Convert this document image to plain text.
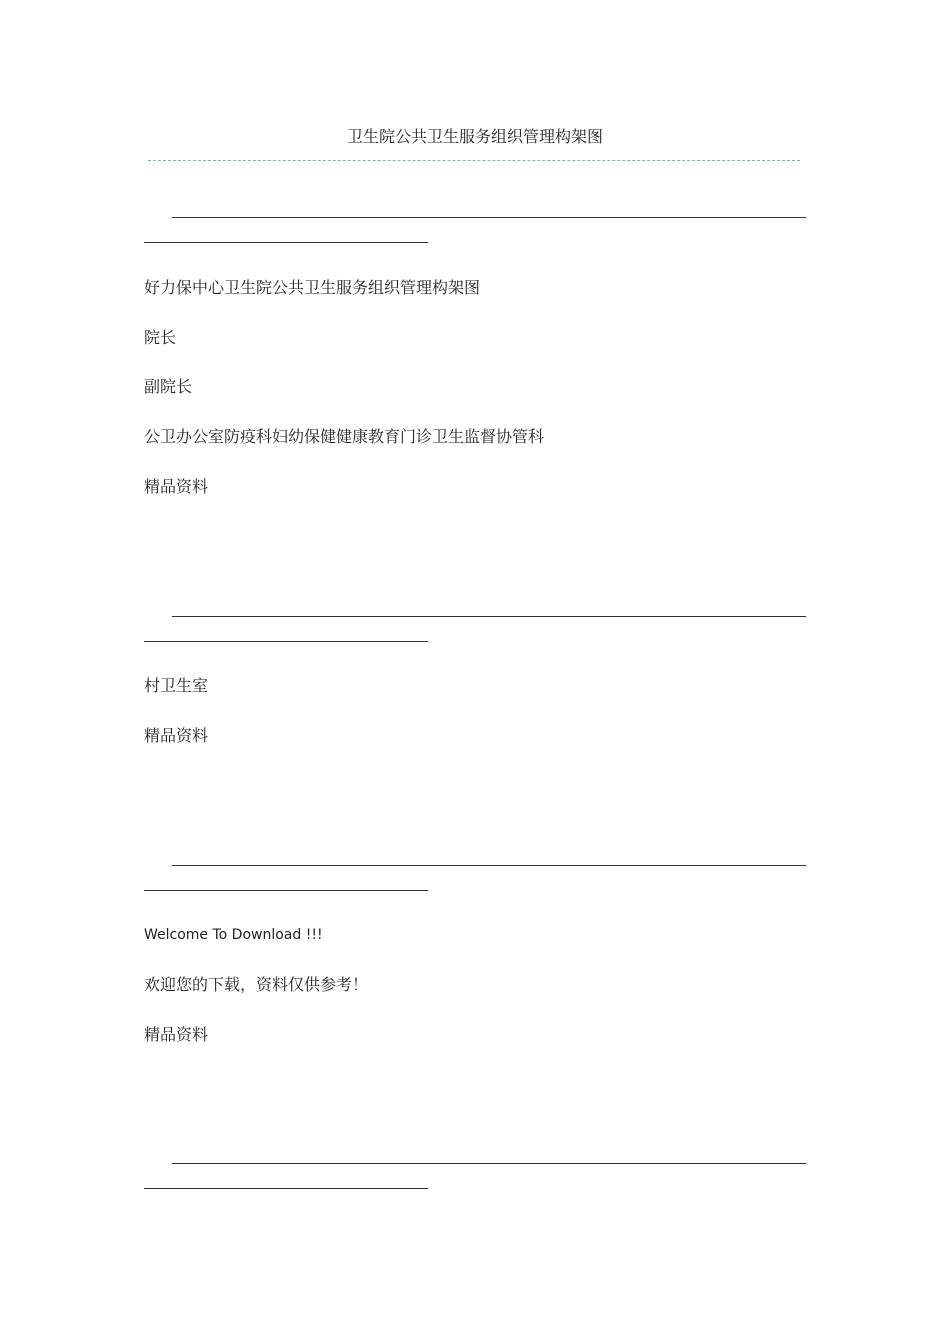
卫生院公共卫生服务组织管理构架图
好力保中心卫生院公共卫生服务组织管理构架图
院长
副院长
公卫办公室防疫科妇幼保健健康教育门诊卫生监督协管科
精品资料
村卫生室
精品资料
Welcome To Download !!!
欢迎您的下载，资料仅供参考！
精品资料
